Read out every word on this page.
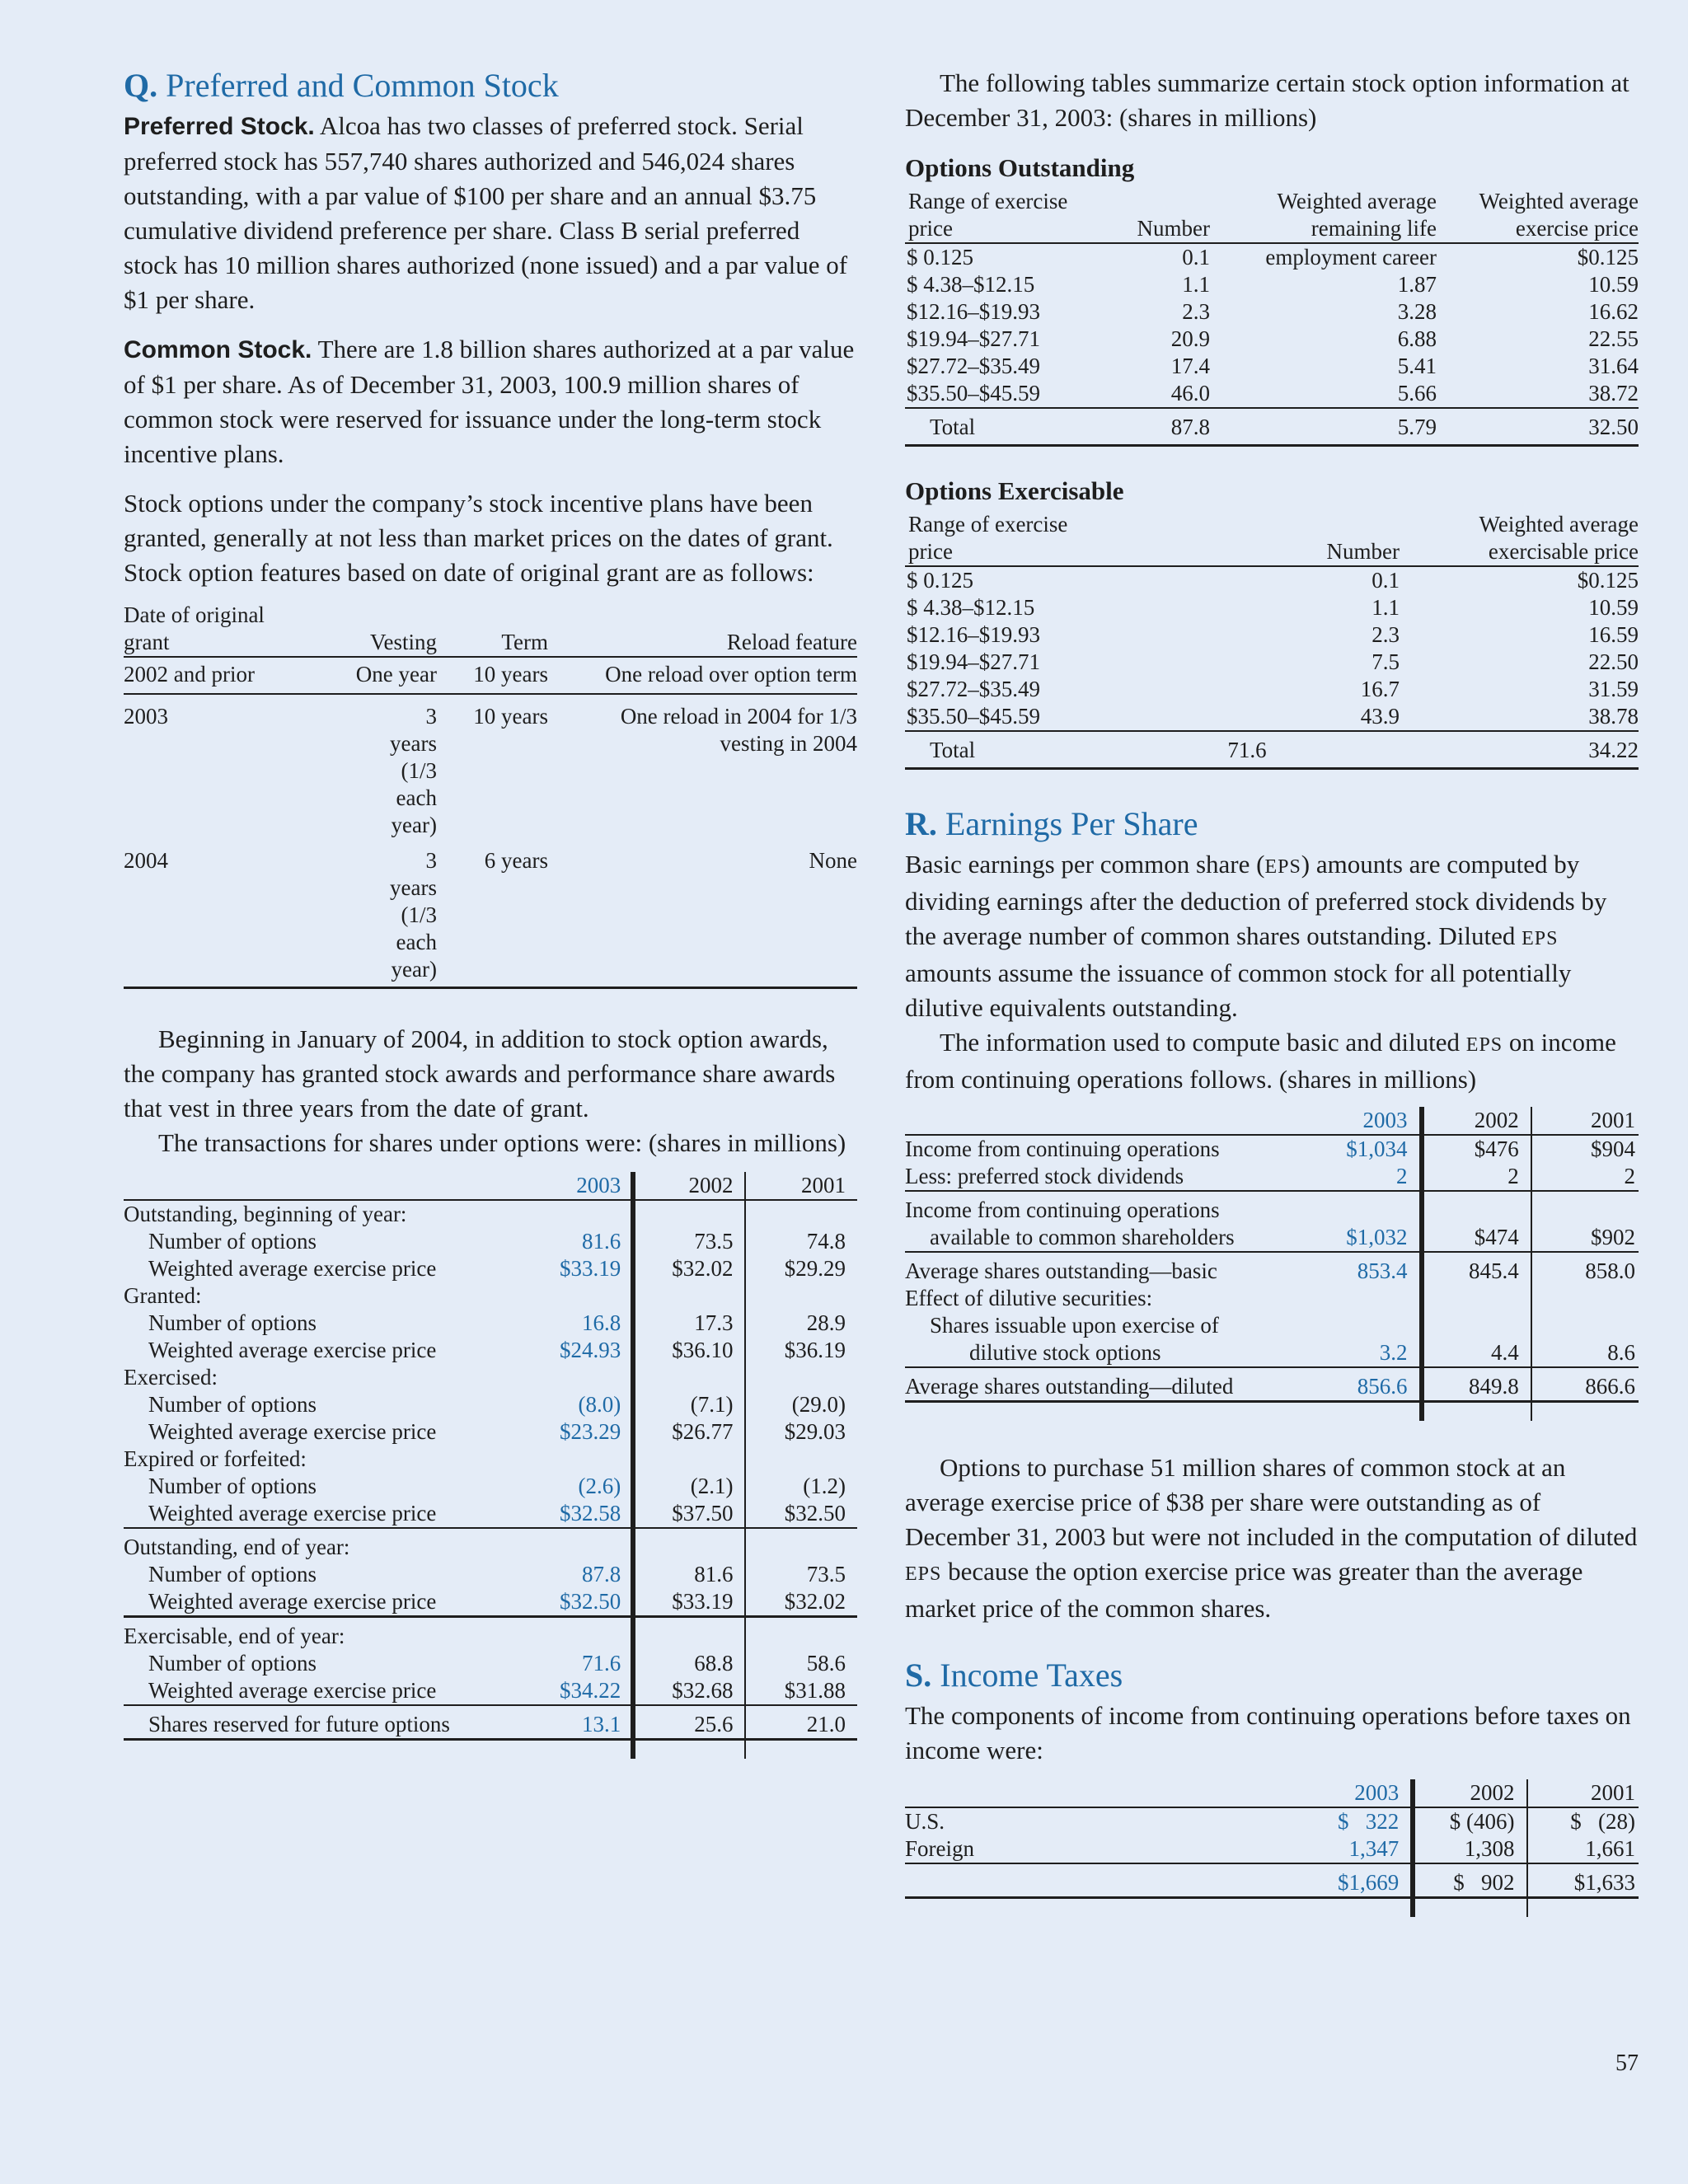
Q. Preferred and Common Stock

Preferred Stock. Alcoa has two classes of preferred stock. Serial preferred stock has 557,740 shares authorized and 546,024 shares outstanding, with a par value of $100 per share and an annual $3.75 cumulative dividend preference per share. Class B serial preferred stock has 10 million shares authorized (none issued) and a par value of $1 per share.

Common Stock. There are 1.8 billion shares authorized at a par value of $1 per share. As of December 31, 2003, 100.9 million shares of common stock were reserved for issuance under the long-term stock incentive plans.

Stock options under the company’s stock incentive plans have been granted, generally at not less than market prices on the dates of grant. Stock option features based on date of original grant are as follows:

Date of original grant	Vesting	Term	Reload feature
2002 and prior	One year	10 years	One reload over option term
2003	3 years (1/3 each year)	10 years	One reload in 2004 for 1/3 vesting in 2004
2004	3 years (1/3 each year)	6 years	None

Beginning in January of 2004, in addition to stock option awards, the company has granted stock awards and performance share awards that vest in three years from the date of grant.

The transactions for shares under options were: (shares in millions)

	2003	2002	2001
Outstanding, beginning of year:			
Number of options	81.6	73.5	74.8
Weighted average exercise price	$33.19	$32.02	$29.29
Granted:			
Number of options	16.8	17.3	28.9
Weighted average exercise price	$24.93	$36.10	$36.19
Exercised:			
Number of options	(8.0)	(7.1)	(29.0)
Weighted average exercise price	$23.29	$26.77	$29.03
Expired or forfeited:			
Number of options	(2.6)	(2.1)	(1.2)
Weighted average exercise price	$32.58	$37.50	$32.50
Outstanding, end of year:			
Number of options	87.8	81.6	73.5
Weighted average exercise price	$32.50	$33.19	$32.02
Exercisable, end of year:			
Number of options	71.6	68.8	58.6
Weighted average exercise price	$34.22	$32.68	$31.88
Shares reserved for future options	13.1	25.6	21.0

The following tables summarize certain stock option information at December 31, 2003: (shares in millions)

Options Outstanding
Range of exercise price	Number	Weighted average remaining life	Weighted average exercise price
$ 0.125	0.1	employment career	$0.125
$ 4.38–$12.15	1.1	1.87	10.59
$12.16–$19.93	2.3	3.28	16.62
$19.94–$27.71	20.9	6.88	22.55
$27.72–$35.49	17.4	5.41	31.64
$35.50–$45.59	46.0	5.66	38.72
Total	87.8	5.79	32.50
Options Exercisable
Range of exercise price	Number	Weighted average exercisable price
$ 0.125	0.1	$0.125
$ 4.38–$12.15	1.1	10.59
$12.16–$19.93	2.3	16.59
$19.94–$27.71	7.5	22.50
$27.72–$35.49	16.7	31.59
$35.50–$45.59	43.9	38.78
Total	71.6	34.22
R. Earnings Per Share

Basic earnings per common share (EPS) amounts are computed by dividing earnings after the deduction of preferred stock dividends by the average number of common shares outstanding. Diluted EPS amounts assume the issuance of common stock for all potentially dilutive equivalents outstanding.

The information used to compute basic and diluted EPS on income from continuing operations follows. (shares in millions)

	2003	2002	2001
Income from continuing operations	$1,034	$476	$904
Less: preferred stock dividends	2	2	2
Income from continuing operations			
available to common shareholders	$1,032	$474	$902
Average shares outstanding—basic	853.4	845.4	858.0
Effect of dilutive securities:			
Shares issuable upon exercise of			
dilutive stock options	3.2	4.4	8.6
Average shares outstanding—diluted	856.6	849.8	866.6

Options to purchase 51 million shares of common stock at an average exercise price of $38 per share were outstanding as of December 31, 2003 but were not included in the computation of diluted EPS because the option exercise price was greater than the average market price of the common shares.

S. Income Taxes

The components of income from continuing operations before taxes on income were:

	2003	2002	2001
U.S.	$   322	$ (406)	$   (28)
Foreign	1,347	1,308	1,661
	$1,669	$   902	$1,633

57
